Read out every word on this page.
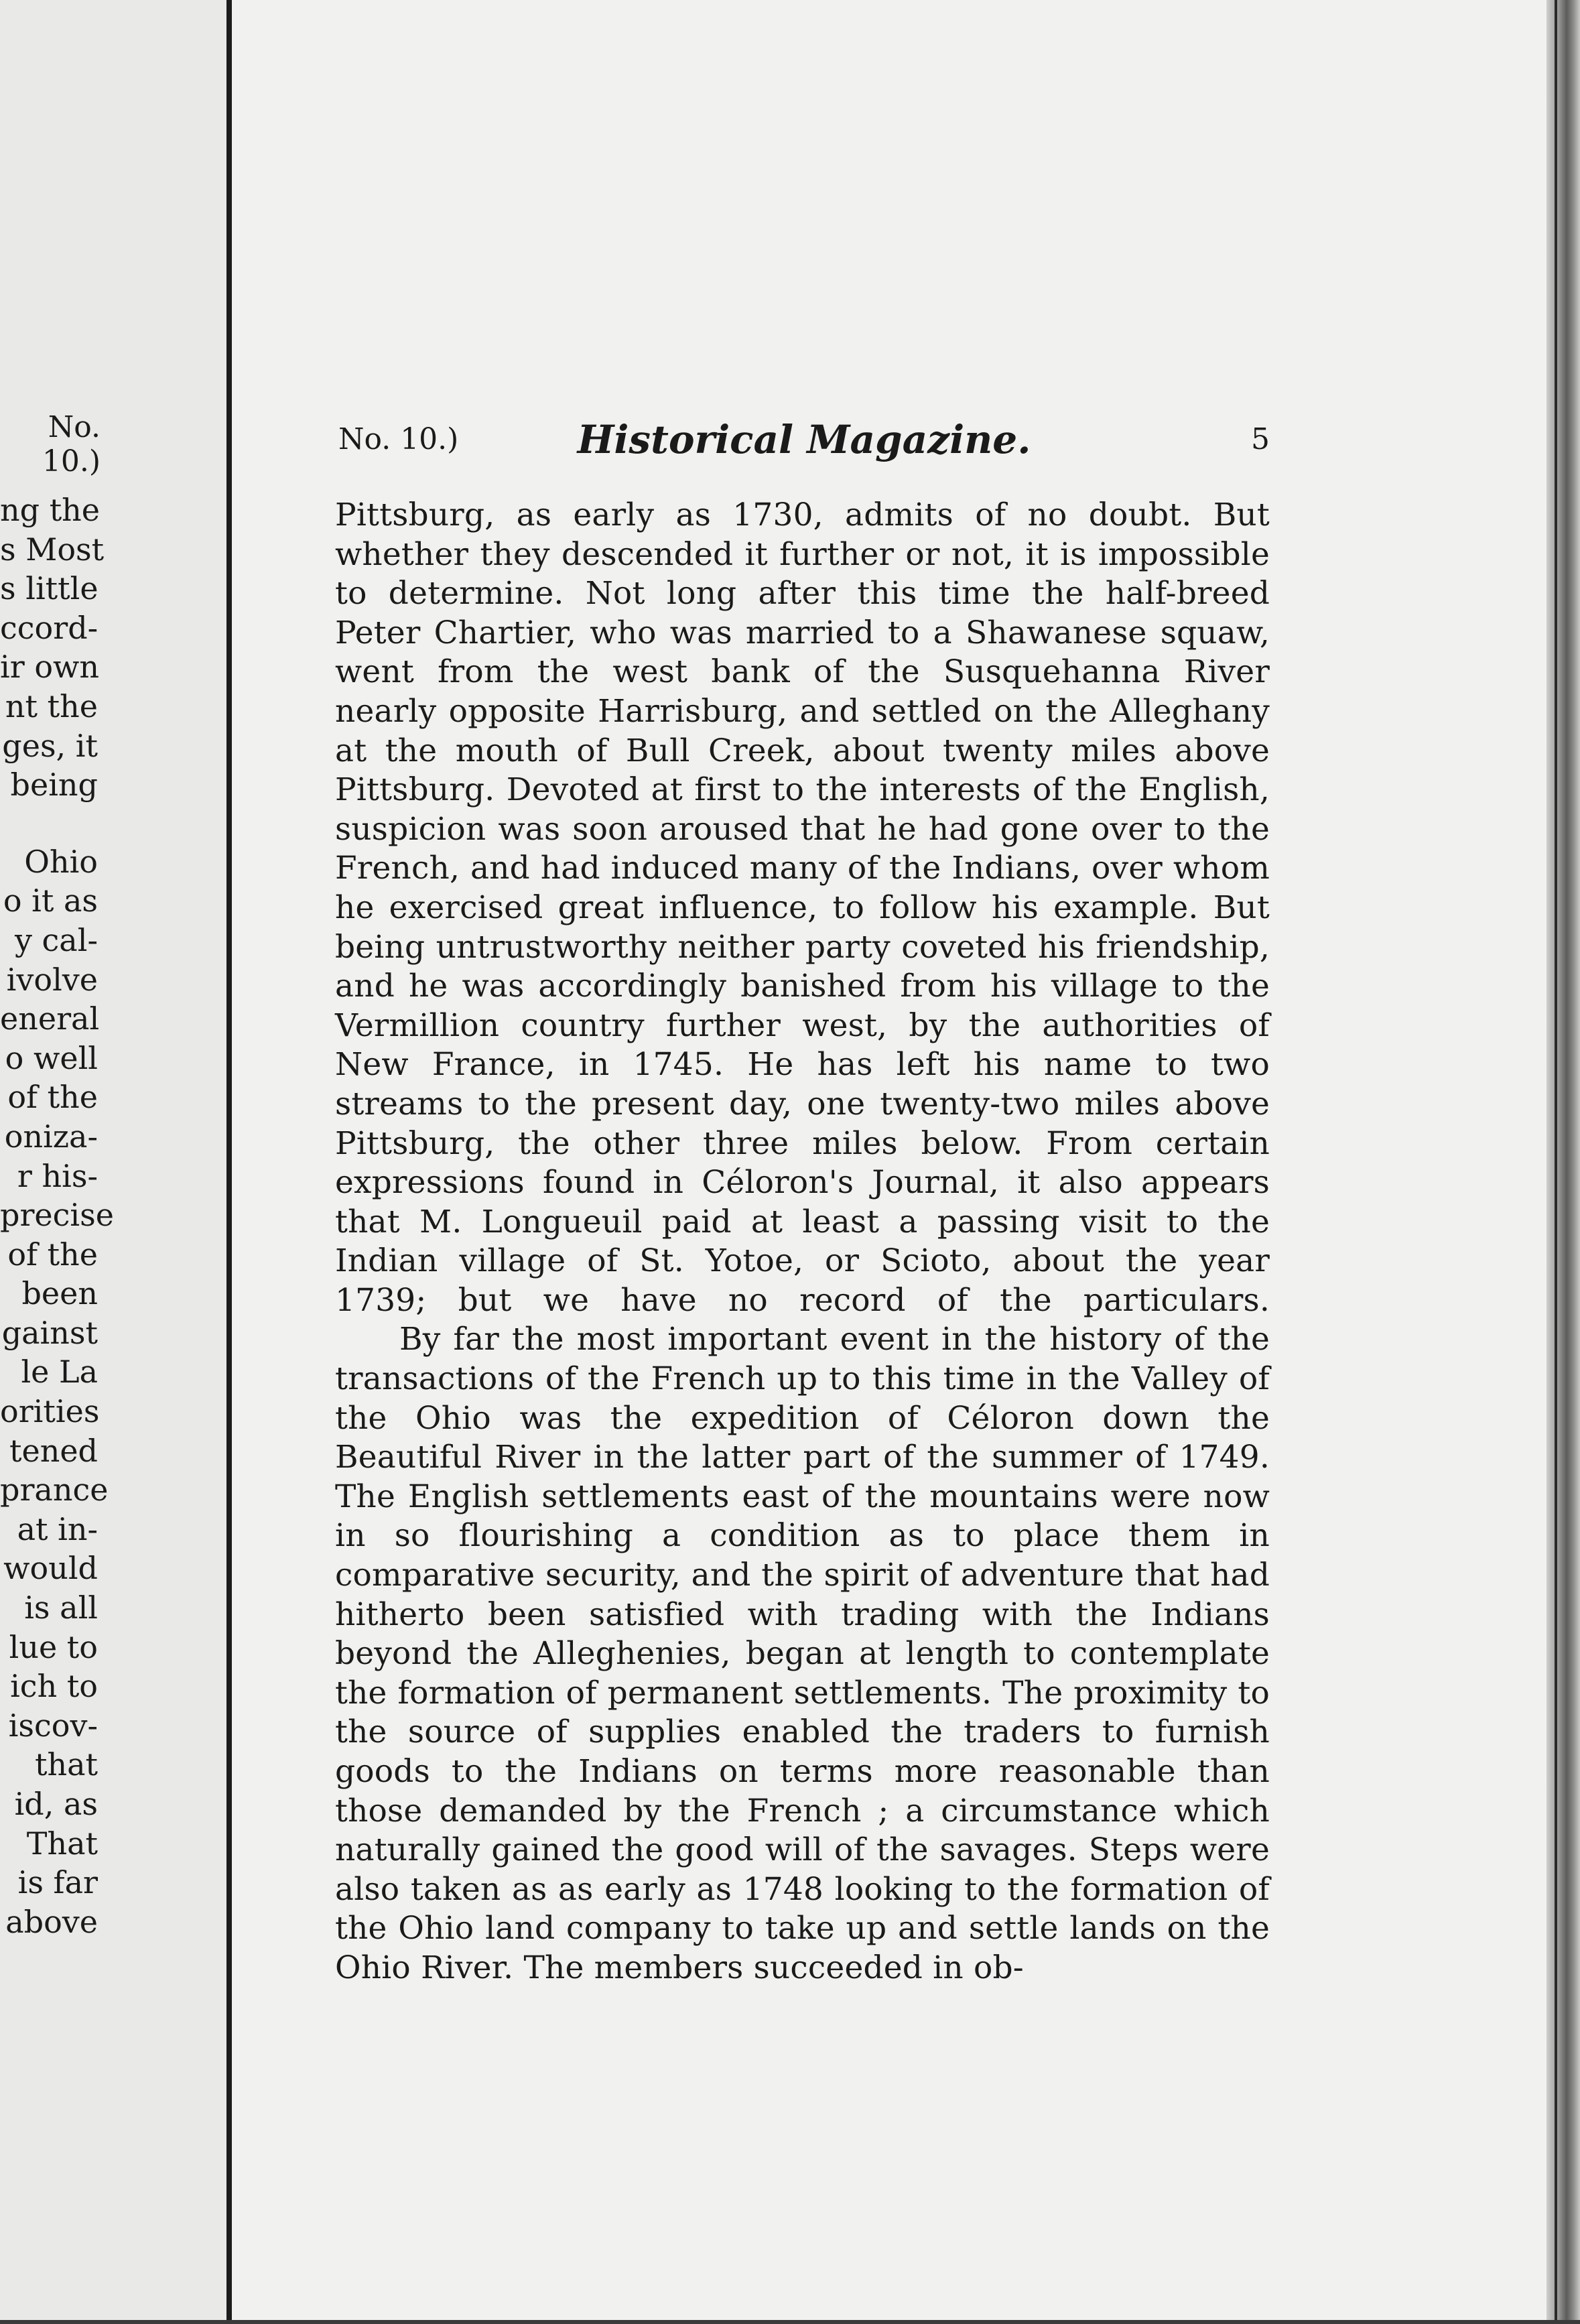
No. 10.)
ng the
s Most
s little
ccord-
ir own
nt the
ges, it
being
Ohio
o it as
y cal-
ivolve
eneral
o well
of the
oniza-
r his-
precise
of the
been
gainst
le La
orities
tened
prance
at in-
would
is all
lue to
ich to
iscov-
that
id, as
That
is far
above
No. 10.)	Historical Magazine.	5

Pittsburg, as early as 1730, admits of no doubt. But whether they descended it further or not, it is impossible to determine. Not long after this time the half-breed Peter Chartier, who was married to a Shawanese squaw, went from the west bank of the Susquehanna River nearly opposite Harrisburg, and settled on the Alleghany at the mouth of Bull Creek, about twenty miles above Pittsburg. Devoted at first to the interests of the English, suspicion was soon aroused that he had gone over to the French, and had induced many of the Indians, over whom he exercised great influence, to follow his example. But being untrustworthy neither party coveted his friendship, and he was accordingly banished from his village to the Vermillion country further west, by the authorities of New France, in 1745. He has left his name to two streams to the present day, one twenty-two miles above Pittsburg, the other three miles below. From certain expressions found in Céloron's Journal, it also appears that M. Longueuil paid at least a passing visit to the Indian village of St. Yotoe, or Scioto, about the year 1739; but we have no record of the particulars.

By far the most important event in the history of the transactions of the French up to this time in the Valley of the Ohio was the expedition of Céloron down the Beautiful River in the latter part of the summer of 1749. The English settlements east of the mountains were now in so flourishing a condition as to place them in comparative security, and the spirit of adventure that had hitherto been satisfied with trading with the Indians beyond the Alleghenies, began at length to contemplate the formation of permanent settlements. The proximity to the source of supplies enabled the traders to furnish goods to the Indians on terms more reasonable than those demanded by the French ; a circumstance which naturally gained the good will of the savages. Steps were also taken as as early as 1748 looking to the formation of the Ohio land company to take up and settle lands on the Ohio River. The members succeeded in ob-
